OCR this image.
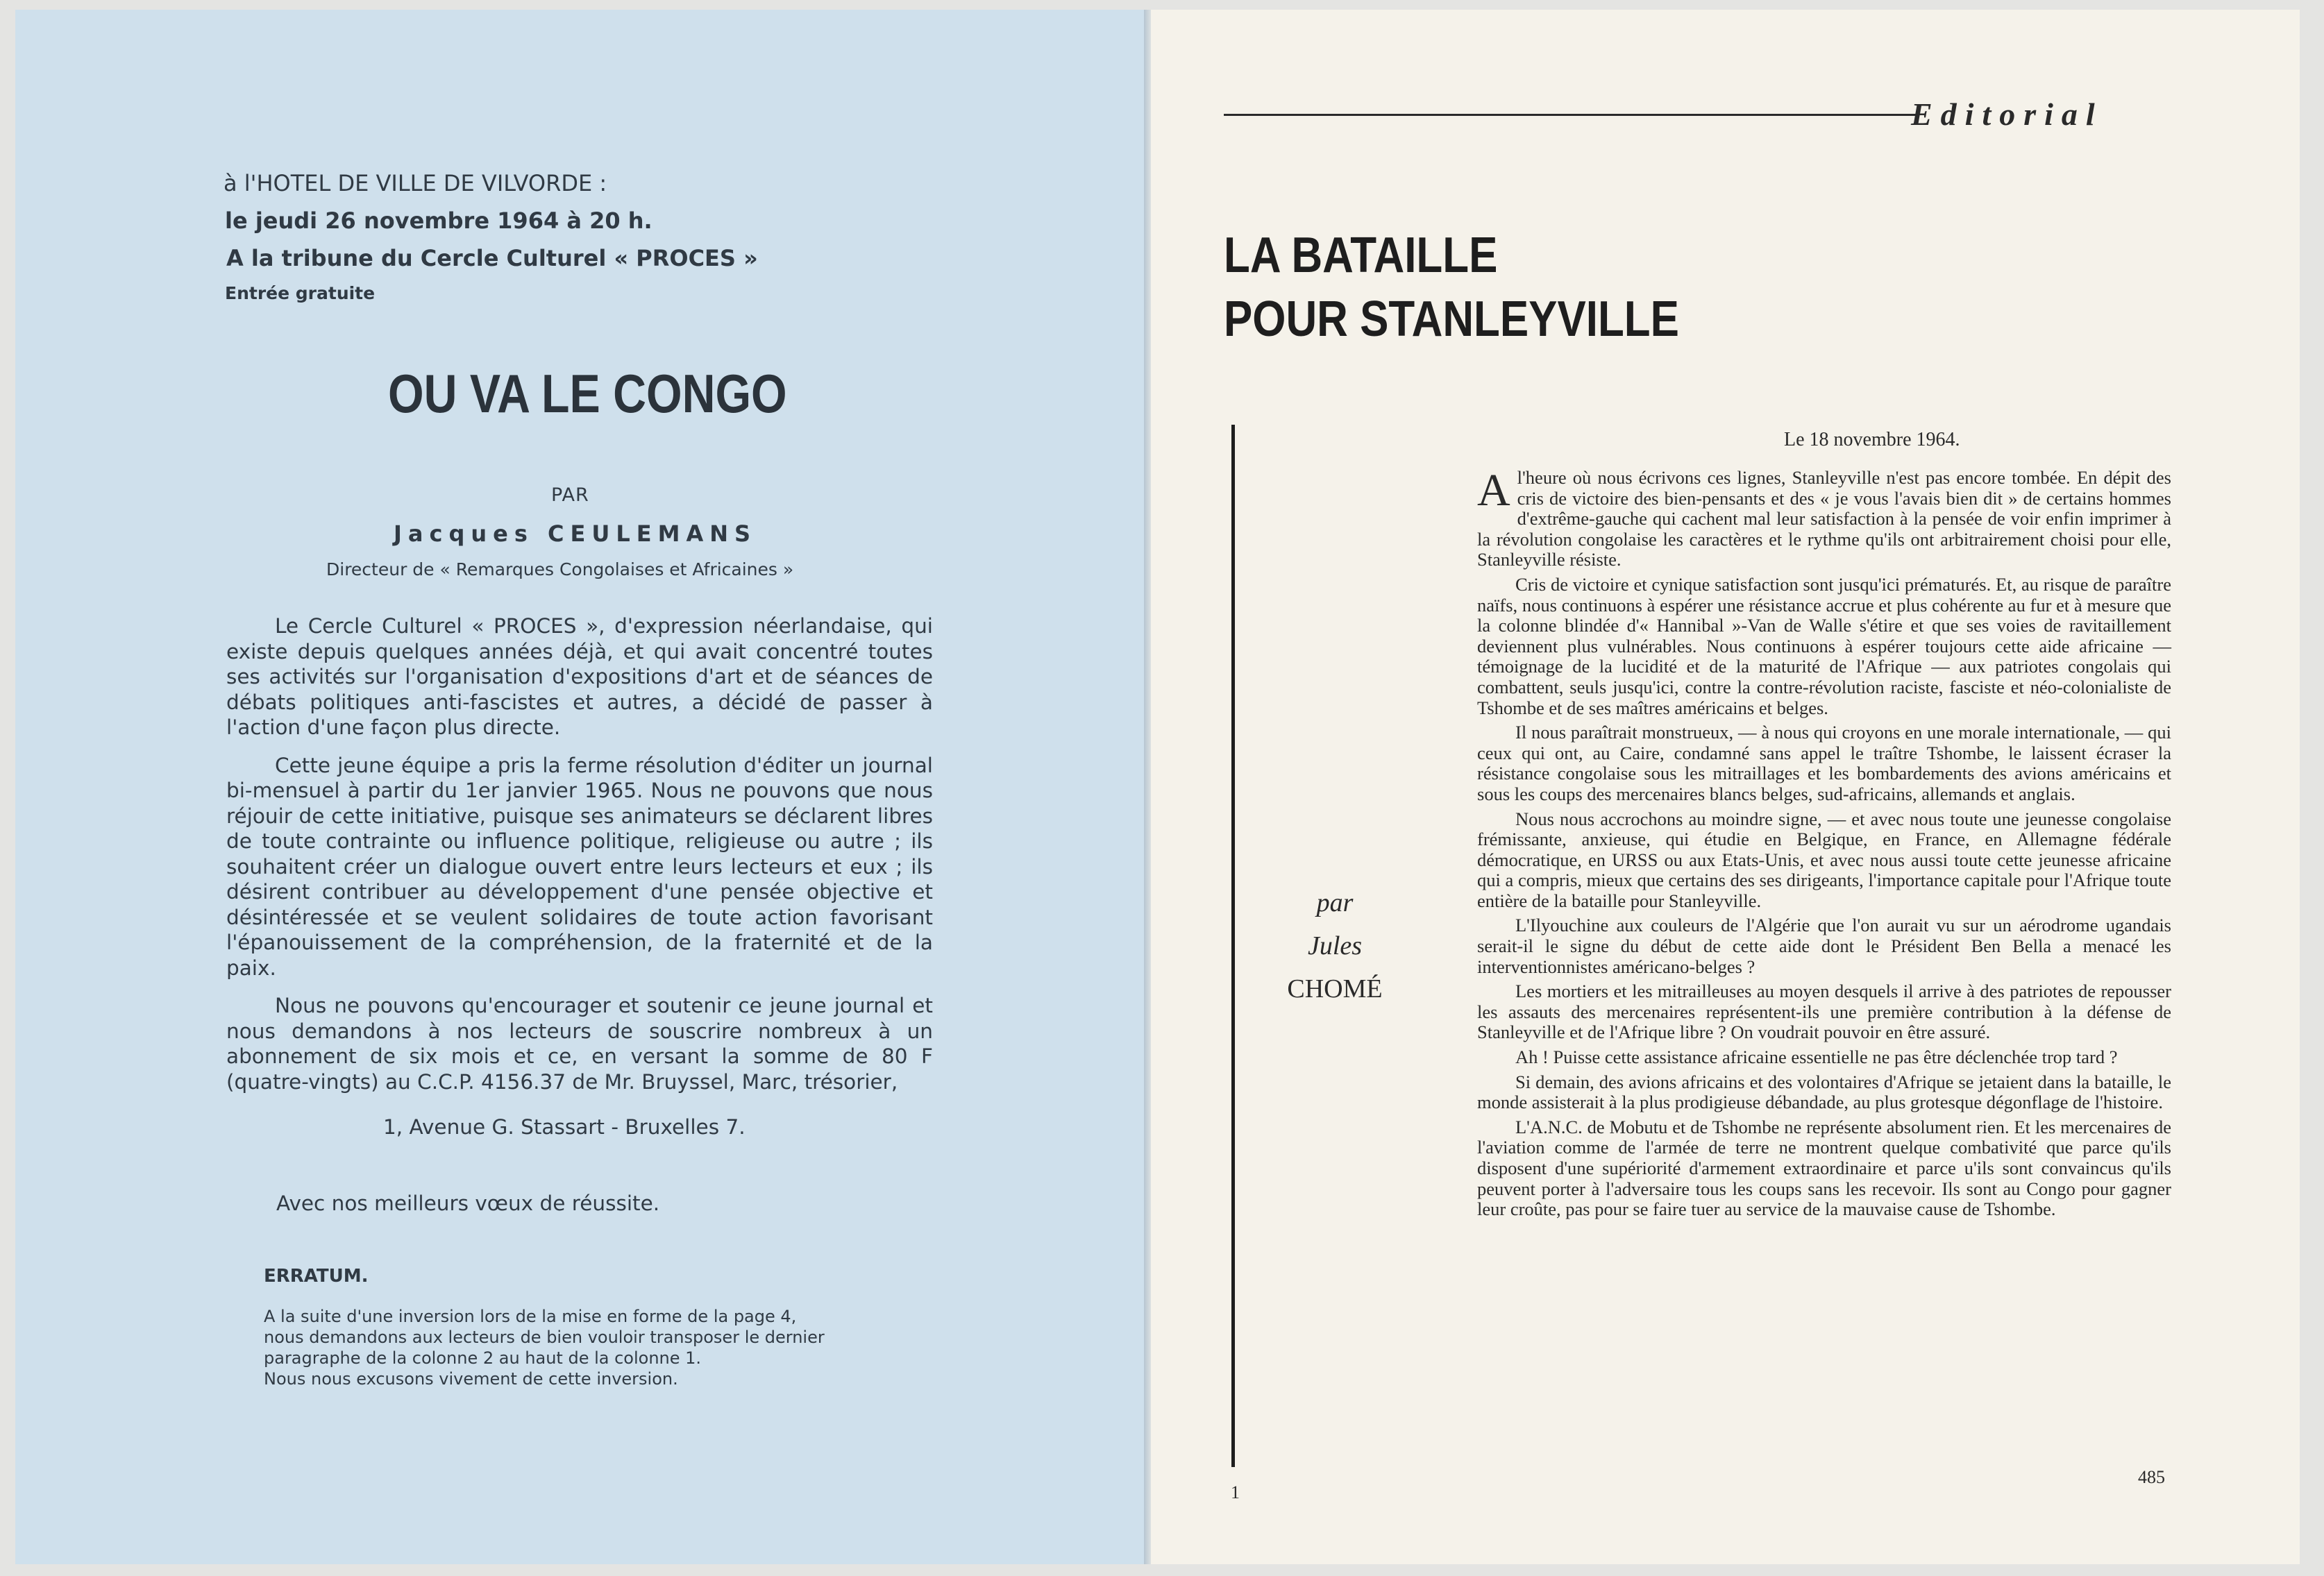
à l'HOTEL DE VILLE DE VILVORDE :

le jeudi 26 novembre 1964 à 20 h.

A la tribune du Cercle Culturel « PROCES »

Entrée gratuite

OU VA LE CONGO

PAR

Jacques CEULEMANS

Directeur de « Remarques Congolaises et Africaines »

Le Cercle Culturel « PROCES », d'expression néerlandaise, qui existe depuis quelques années déjà, et qui avait concentré toutes ses activités sur l'organisation d'expositions d'art et de séances de débats politiques anti-fascistes et autres, a décidé de passer à l'action d'une façon plus directe.

Cette jeune équipe a pris la ferme résolution d'éditer un journal bi-mensuel à partir du 1er janvier 1965. Nous ne pouvons que nous réjouir de cette initiative, puisque ses animateurs se déclarent libres de toute contrainte ou influence politique, religieuse ou autre ; ils souhaitent créer un dialogue ouvert entre leurs lecteurs et eux ; ils désirent contribuer au développement d'une pensée objective et désintéressée et se veulent solidaires de toute action favorisant l'épanouissement de la compréhension, de la fraternité et de la paix.

Nous ne pouvons qu'encourager et soutenir ce jeune journal et nous demandons à nos lecteurs de souscrire nombreux à un abonnement de six mois et ce, en versant la somme de 80 F (quatre-vingts) au C.C.P. 4156.37 de Mr. Bruyssel, Marc, trésorier,

1, Avenue G. Stassart - Bruxelles 7.

Avec nos meilleurs vœux de réussite.

ERRATUM.

A la suite d'une inversion lors de la mise en forme de la page 4,
nous demandons aux lecteurs de bien vouloir transposer le dernier
paragraphe de la colonne 2 au haut de la colonne 1.
Nous nous excusons vivement de cette inversion.

Editorial

LA BATAILLE

POUR STANLEYVILLE

par
Jules
CHOMÉ

Le 18 novembre 1964.

Al'heure où nous écrivons ces lignes, Stanleyville n'est pas encore tombée. En dépit des cris de victoire des bien-pensants et des « je vous l'avais bien dit » de certains hommes d'extrême-gauche qui cachent mal leur satisfaction à la pensée de voir enfin imprimer à la révolution congolaise les caractères et le rythme qu'ils ont arbitrairement choisi pour elle, Stanleyville résiste.

Cris de victoire et cynique satisfaction sont jusqu'ici prématurés. Et, au risque de paraître naïfs, nous continuons à espérer une résistance accrue et plus cohérente au fur et à mesure que la colonne blindée d'« Hannibal »-Van de Walle s'étire et que ses voies de ravitaillement deviennent plus vulnérables. Nous continuons à espérer toujours cette aide africaine — témoignage de la lucidité et de la maturité de l'Afrique — aux patriotes congolais qui combattent, seuls jusqu'ici, contre la contre-révolution raciste, fasciste et néo-colonialiste de Tshombe et de ses maîtres américains et belges.

Il nous paraîtrait monstrueux, — à nous qui croyons en une morale internationale, — qui ceux qui ont, au Caire, condamné sans appel le traître Tshombe, le laissent écraser la résistance congolaise sous les mitraillages et les bombardements des avions américains et sous les coups des mercenaires blancs belges, sud-africains, allemands et anglais.

Nous nous accrochons au moindre signe, — et avec nous toute une jeunesse congolaise frémissante, anxieuse, qui étudie en Belgique, en France, en Allemagne fédérale démocratique, en URSS ou aux Etats-Unis, et avec nous aussi toute cette jeunesse africaine qui a compris, mieux que certains des ses dirigeants, l'importance capitale pour l'Afrique toute entière de la bataille pour Stanleyville.

L'Ilyouchine aux couleurs de l'Algérie que l'on aurait vu sur un aérodrome ugandais serait-il le signe du début de cette aide dont le Président Ben Bella a menacé les interventionnistes américano-belges ?

Les mortiers et les mitrailleuses au moyen desquels il arrive à des patriotes de repousser les assauts des mercenaires représentent-ils une première contribution à la défense de Stanleyville et de l'Afrique libre ? On voudrait pouvoir en être assuré.

Ah ! Puisse cette assistance africaine essentielle ne pas être déclenchée trop tard ?

Si demain, des avions africains et des volontaires d'Afrique se jetaient dans la bataille, le monde assisterait à la plus prodigieuse débandade, au plus grotesque dégonflage de l'histoire.

L'A.N.C. de Mobutu et de Tshombe ne représente absolument rien. Et les mercenaires de l'aviation comme de l'armée de terre ne montrent quelque combativité que parce qu'ils disposent d'une supériorité d'armement extraordinaire et parce u'ils sont convaincus qu'ils peuvent porter à l'adversaire tous les coups sans les recevoir. Ils sont au Congo pour gagner leur croûte, pas pour se faire tuer au service de la mauvaise cause de Tshombe.

1

485
